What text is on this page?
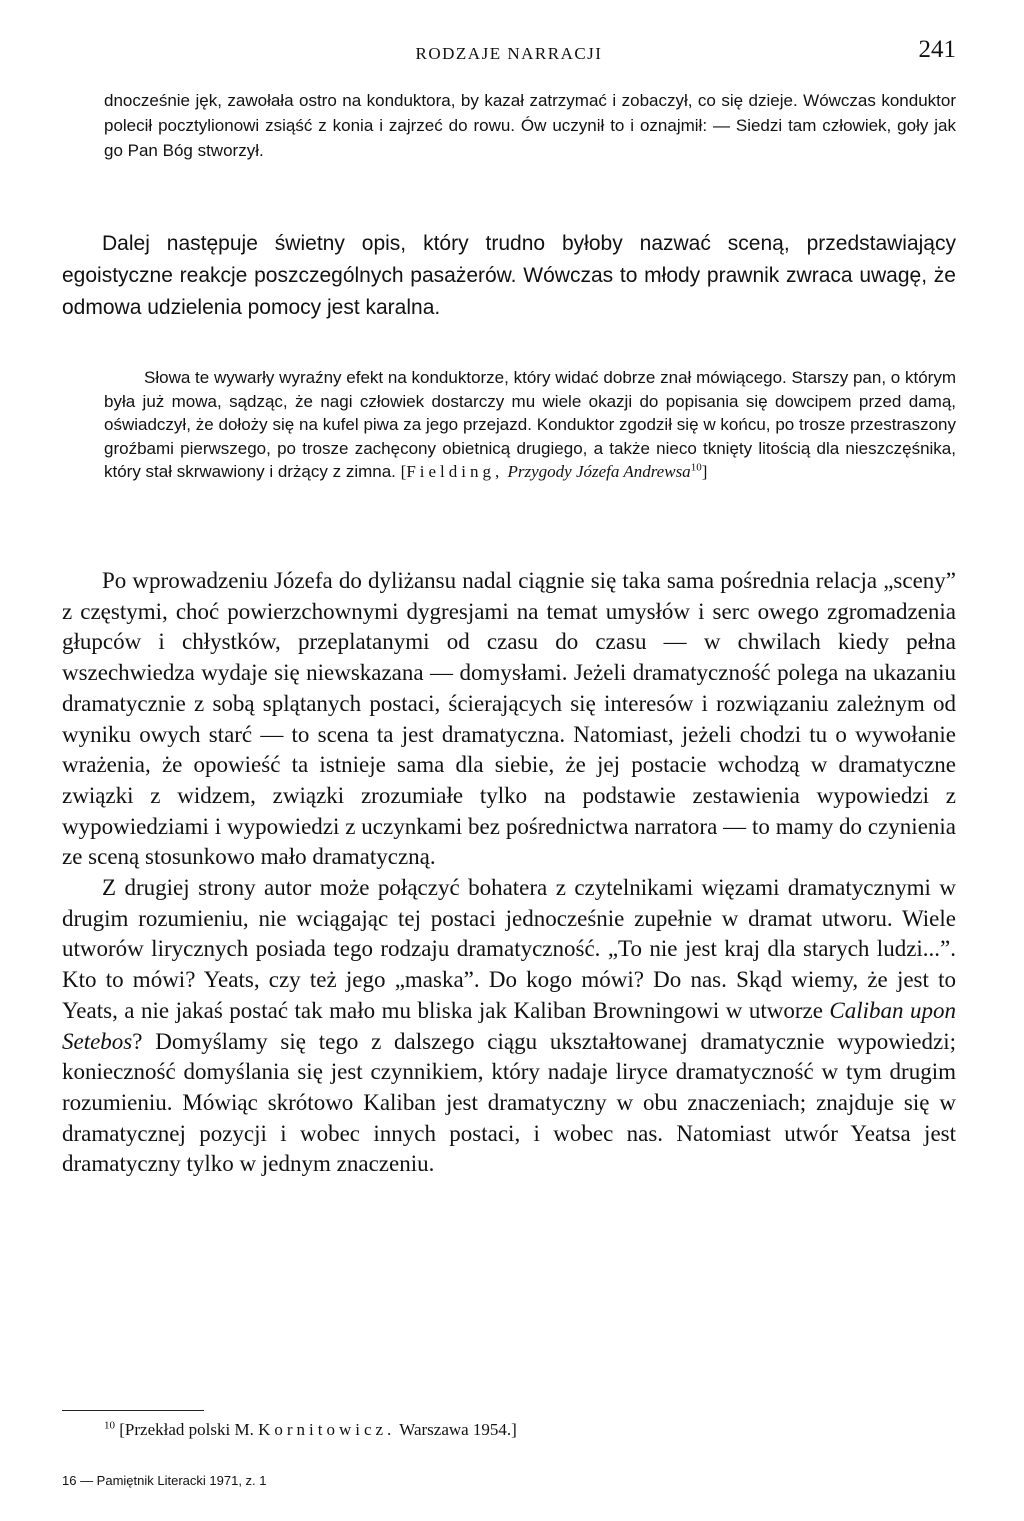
RODZAJE NARRACJI	241

dnocześnie jęk, zawołała ostro na konduktora, by kazał zatrzymać i zobaczył, co się dzieje. Wówczas konduktor polecił pocztylionowi zsiąść z konia i zajrzeć do rowu. Ów uczynił to i oznajmił: — Siedzi tam człowiek, goły jak go Pan Bóg stworzył.

Dalej następuje świetny opis, który trudno byłoby nazwać sceną, przedstawiający egoistyczne reakcje poszczególnych pasażerów. Wówczas to młody prawnik zwraca uwagę, że odmowa udzielenia pomocy jest karalna.

Słowa te wywarły wyraźny efekt na konduktorze, który widać dobrze znał mówiącego. Starszy pan, o którym była już mowa, sądząc, że nagi człowiek dostarczy mu wiele okazji do popisania się dowcipem przed damą, oświadczył, że dołoży się na kufel piwa za jego przejazd. Konduktor zgodził się w końcu, po trosze przestraszony groźbami pierwszego, po trosze zachęcony obietnicą drugiego, a także nieco tknięty litością dla nieszczęśnika, który stał skrwawiony i drżący z zimna. [Fielding, Przygody Józefa Andrewsa$^{10}$]

Po wprowadzeniu Józefa do dyliżansu nadal ciągnie się taka sama pośrednia relacja „sceny” z częstymi, choć powierzchownymi dygresjami na temat umysłów i serc owego zgromadzenia głupców i chłystków, przeplatanymi od czasu do czasu — w chwilach kiedy pełna wszechwiedza wydaje się niewskazana — domysłami. Jeżeli dramatyczność polega na ukazaniu dramatycznie z sobą splątanych postaci, ścierających się interesów i rozwiązaniu zależnym od wyniku owych starć — to scena ta jest dramatyczna. Natomiast, jeżeli chodzi tu o wywołanie wrażenia, że opowieść ta istnieje sama dla siebie, że jej postacie wchodzą w dramatyczne związki z widzem, związki zrozumiałe tylko na podstawie zestawienia wypowiedzi z wypowiedziami i wypowiedzi z uczynkami bez pośrednictwa narratora — to mamy do czynienia ze sceną stosunkowo mało dramatyczną.

Z drugiej strony autor może połączyć bohatera z czytelnikami więzami dramatycznymi w drugim rozumieniu, nie wciągając tej postaci jednocześnie zupełnie w dramat utworu. Wiele utworów lirycznych posiada tego rodzaju dramatyczność. „To nie jest kraj dla starych ludzi...”. Kto to mówi? Yeats, czy też jego „maska”. Do kogo mówi? Do nas. Skąd wiemy, że jest to Yeats, a nie jakaś postać tak mało mu bliska jak Kaliban Browningowi w utworze Caliban upon Setebos? Domyślamy się tego z dalszego ciągu ukształtowanej dramatycznie wypowiedzi; konieczność domyślania się jest czynnikiem, który nadaje liryce dramatyczność w tym drugim rozumieniu. Mówiąc skrótowo Kaliban jest dramatyczny w obu znaczeniach; znajduje się w dramatycznej pozycji i wobec innych postaci, i wobec nas. Natomiast utwór Yeatsa jest dramatyczny tylko w jednym znaczeniu.

$^{10}$ [Przekład polski M. Kornitowicz. Warszawa 1954.]
16 — Pamiętnik Literacki 1971, z. 1
